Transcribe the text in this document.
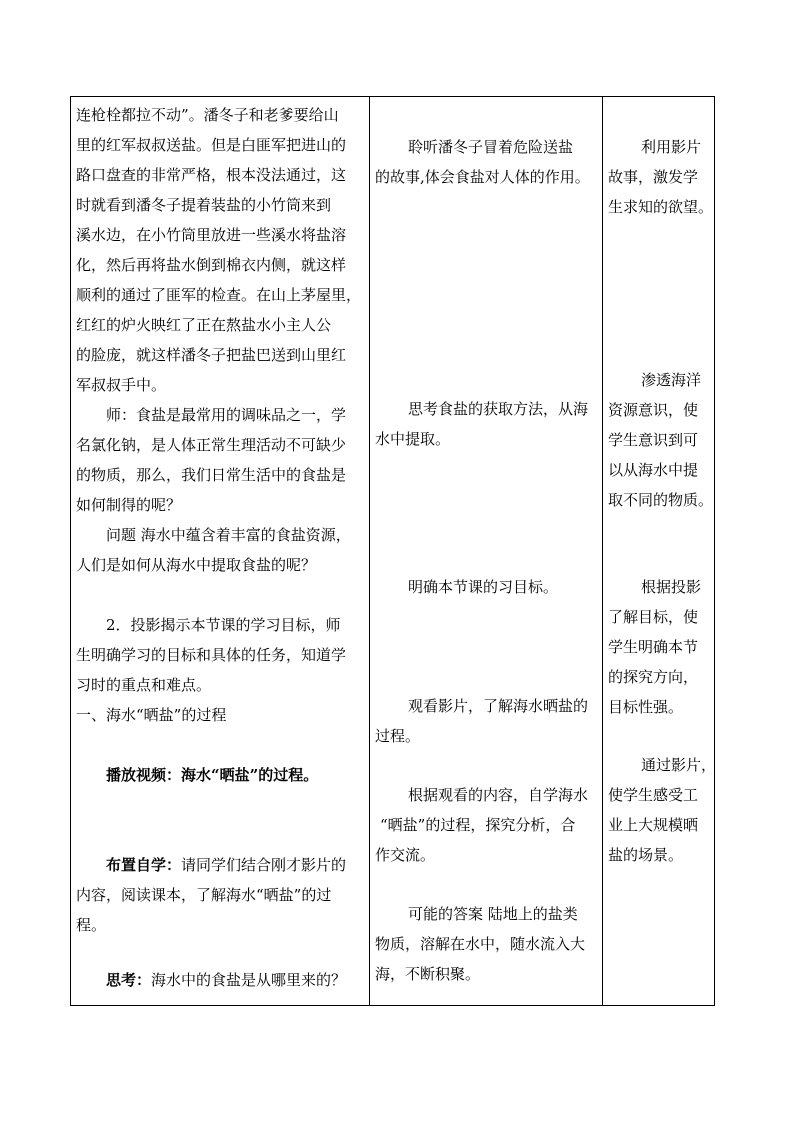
连枪栓都拉不动”。潘冬子和老爹要给山
里的红军叔叔送盐。但是白匪军把进山的
路口盘查的非常严格，根本没法通过，这
时就看到潘冬子提着装盐的小竹筒来到
溪水边，在小竹筒里放进一些溪水将盐溶
化，然后再将盐水倒到棉衣内侧，就这样
顺利的通过了匪军的检查。在山上茅屋里，
红红的炉火映红了正在熬盐水小主人公
的脸庞，就这样潘冬子把盐巴送到山里红
军叔叔手中。
师：食盐是最常用的调味品之一，学
名氯化钠，是人体正常生理活动不可缺少
的物质，那么，我们日常生活中的食盐是
如何制得的呢？
问题 海水中蕴含着丰富的食盐资源，
人们是如何从海水中提取食盐的呢？
2．投影揭示本节课的学习目标，师
生明确学习的目标和具体的任务，知道学
习时的重点和难点。
一、海水“晒盐”的过程
播放视频：海水“晒盐”的过程。
布置自学：请同学们结合刚才影片的
内容，阅读课本，了解海水“晒盐”的过
程。
思考：海水中的食盐是从哪里来的？

聆听潘冬子冒着危险送盐
的故事,体会食盐对人体的作用。
思考食盐的获取方法，从海
水中提取。
明确本节课的习目标。
观看影片，了解海水晒盐的
过程。
根据观看的内容，自学海水
“晒盐”的过程，探究分析，合
作交流。
可能的答案 陆地上的盐类
物质，溶解在水中，随水流入大
海，不断积聚。

利用影片
故事，激发学
生求知的欲望。
渗透海洋
资源意识，使
学生意识到可
以从海水中提
取不同的物质。
根据投影
了解目标，使
学生明确本节
的探究方向，
目标性强。
通过影片，
使学生感受工
业上大规模晒
盐的场景。
